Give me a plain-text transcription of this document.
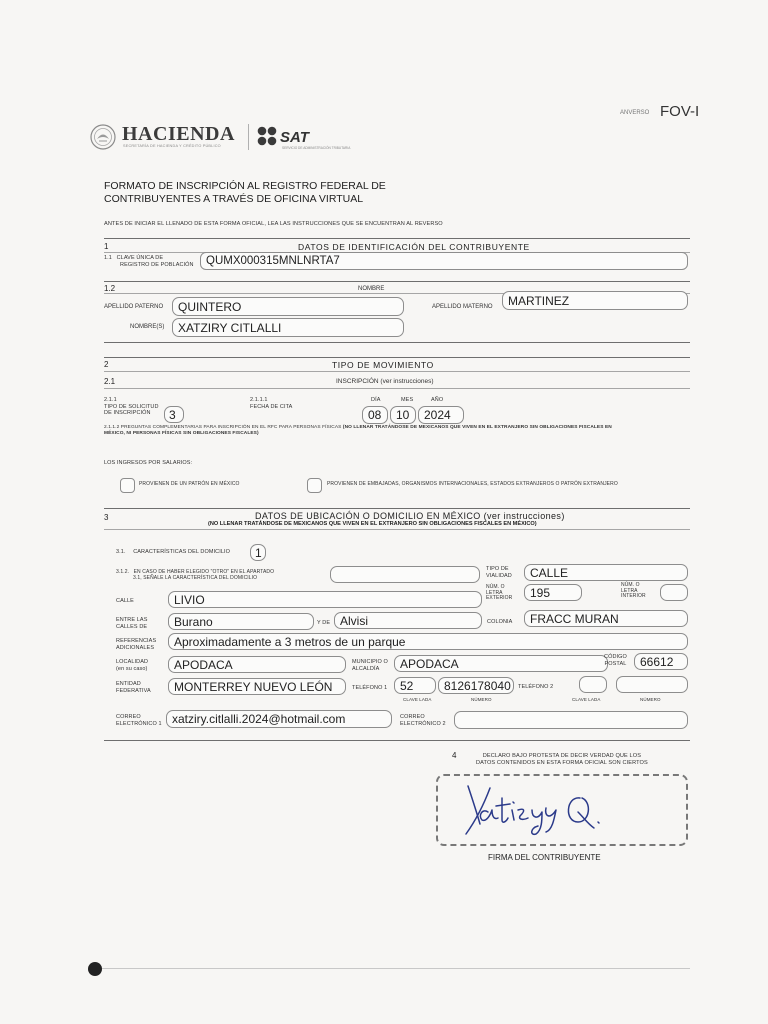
ANVERSO FOV-I
HACIENDA
SECRETARÍA DE HACIENDA Y CRÉDITO PÚBLICO	SAT
SERVICIO DE ADMINISTRACIÓN TRIBUTARIA
FORMATO DE INSCRIPCIÓN AL REGISTRO FEDERAL DE
CONTRIBUYENTES A TRAVÉS DE OFICINA VIRTUAL
ANTES DE INICIAR EL LLENADO DE ESTA FORMA OFICIAL, LEA LAS INSTRUCCIONES QUE SE ENCUENTRAN AL REVERSO
1	DATOS DE IDENTIFICACIÓN DEL CONTRIBUYENTE
1.1 CLAVE ÚNICA DE
REGISTRO DE POBLACIÓN QUMX000315MNLNRTA7
1.2	NOMBRE
APELLIDO PATERNO QUINTERO	APELLIDO MATERNO MARTINEZ
NOMBRE(S) XATZIRY CITLALLI
2	TIPO DE MOVIMIENTO
2.1	INSCRIPCIÓN (ver instrucciones)
2.1.1
TIPO DE SOLICITUD
DE INSCRIPCIÓN	3
2.1.1.1
FECHA DE CITA
DÍA	MES	AÑO
08 10 2024
2.1.1.2 PREGUNTAS COMPLEMENTARIAS PARA INSCRIPCIÓN EN EL RFC PARA PERSONAS FÍSICAS (NO LLENAR TRATÁNDOSE DE MEXICANOS QUE VIVEN EN EL EXTRANJERO SIN OBLIGACIONES FISCALES EN
MÉXICO, NI PERSONAS FÍSICAS SIN OBLIGACIONES FISCALES)
LOS INGRESOS POR SALARIOS:
PROVIENEN DE UN PATRÓN EN MÉXICO	PROVIENEN DE EMBAJADAS, ORGANISMOS INTERNACIONALES, ESTADOS EXTRANJEROS O PATRÓN EXTRANJERO
3	DATOS DE UBICACIÓN O DOMICILIO EN MÉXICO (ver instrucciones)
(NO LLENAR TRATÁNDOSE DE MEXICANOS QUE VIVEN EN EL EXTRANJERO SIN OBLIGACIONES FISCALES EN MÉXICO)
3.1. CARACTERÍSTICAS DEL DOMICILIO 1
3.1.2. EN CASO DE HABER ELEGIDO "OTRO" EN EL APARTADO
3.1, SEÑALE LA CARACTERÍSTICA DEL DOMICILIO
TIPO DE
VIALIDAD CALLE
CALLE	LIVIO
NÚM. O
LETRA
EXTERIOR 195
NÚM. O
LETRA
INTERIOR
ENTRE LAS
CALLES DE Burano	Y DE Alvisi	COLONIA FRACC MURAN
REFERENCIAS
ADICIONALES Aproximadamente a 3 metros de un parque
LOCALIDAD
(en su caso) APODACA	MUNICIPIO O
ALCALDÍA	APODACA	CÓDIGO
POSTAL 66612
ENTIDAD
FEDERATIVA MONTERREY NUEVO LEÓN	TELÉFONO 1 52	8126178040
CLAVE LADA	NÚMERO
TELÉFONO 2
CLAVE LADA	NÚMERO
CORREO
ELECTRÓNICO 1 xatziry.citlalli.2024@hotmail.com	CORREO
ELECTRÓNICO 2
4	DECLARO BAJO PROTESTA DE DECIR VERDAD QUE LOS
DATOS CONTENIDOS EN ESTA FORMA OFICIAL SON CIERTOS
FIRMA DEL CONTRIBUYENTE
